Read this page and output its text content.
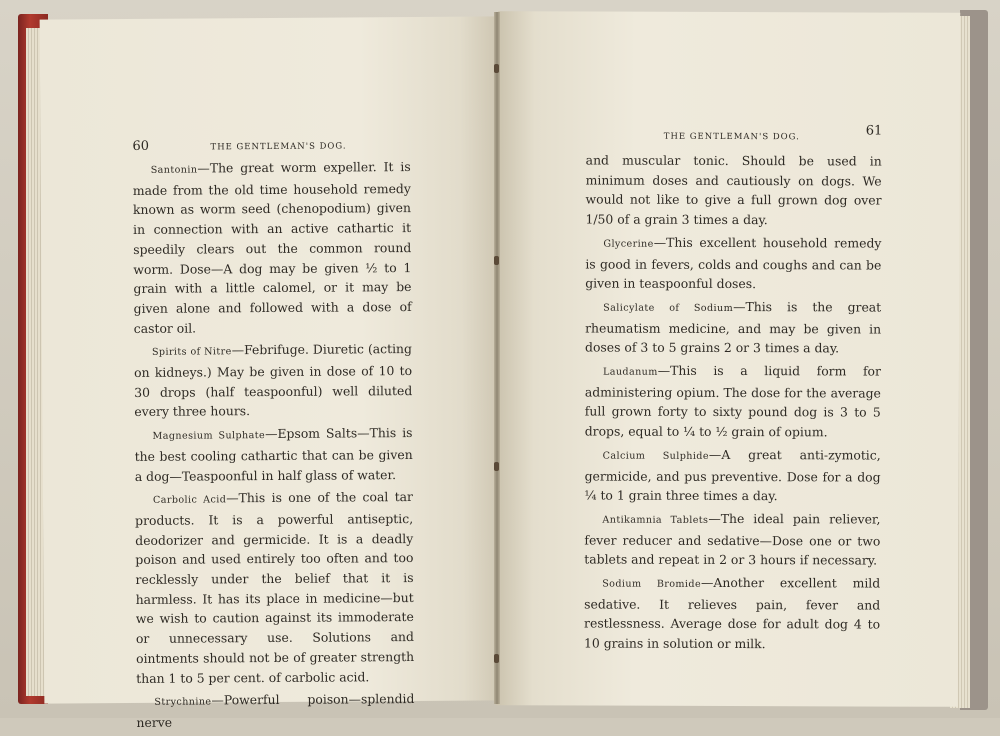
60	THE GENTLEMAN'S DOG.

Santonin—The great worm expeller. It is made from the old time household remedy known as worm seed (chenopodium) given in connection with an active cathartic it speedily clears out the common round worm. Dose—A dog may be given ½ to 1 grain with a little calomel, or it may be given alone and followed with a dose of castor oil.

Spirits of Nitre—Febrifuge. Diuretic (acting on kidneys.) May be given in dose of 10 to 30 drops (half teaspoonful) well diluted every three hours.

Magnesium Sulphate—Epsom Salts—This is the best cooling cathartic that can be given a dog—Teaspoonful in half glass of water.

Carbolic Acid—This is one of the coal tar products. It is a powerful antiseptic, deodorizer and germicide. It is a deadly poison and used entirely too often and too recklessly under the belief that it is harmless. It has its place in medicine—but we wish to caution against its immoderate or unnecessary use. Solutions and ointments should not be of greater strength than 1 to 5 per cent. of carbolic acid.

Strychnine—Powerful poison—splendid nerve

THE GENTLEMAN'S DOG.	61

and muscular tonic. Should be used in minimum doses and cautiously on dogs. We would not like to give a full grown dog over 1/50 of a grain 3 times a day.

Glycerine—This excellent household remedy is good in fevers, colds and coughs and can be given in teaspoonful doses.

Salicylate of Sodium—This is the great rheumatism medicine, and may be given in doses of 3 to 5 grains 2 or 3 times a day.

Laudanum—This is a liquid form for administering opium. The dose for the average full grown forty to sixty pound dog is 3 to 5 drops, equal to ¼ to ½ grain of opium.

Calcium Sulphide—A great anti-zymotic, germicide, and pus preventive. Dose for a dog ¼ to 1 grain three times a day.

Antikamnia Tablets—The ideal pain reliever, fever reducer and sedative—Dose one or two tablets and repeat in 2 or 3 hours if necessary.

Sodium Bromide—Another excellent mild sedative. It relieves pain, fever and restlessness. Average dose for adult dog 4 to 10 grains in solution or milk.
